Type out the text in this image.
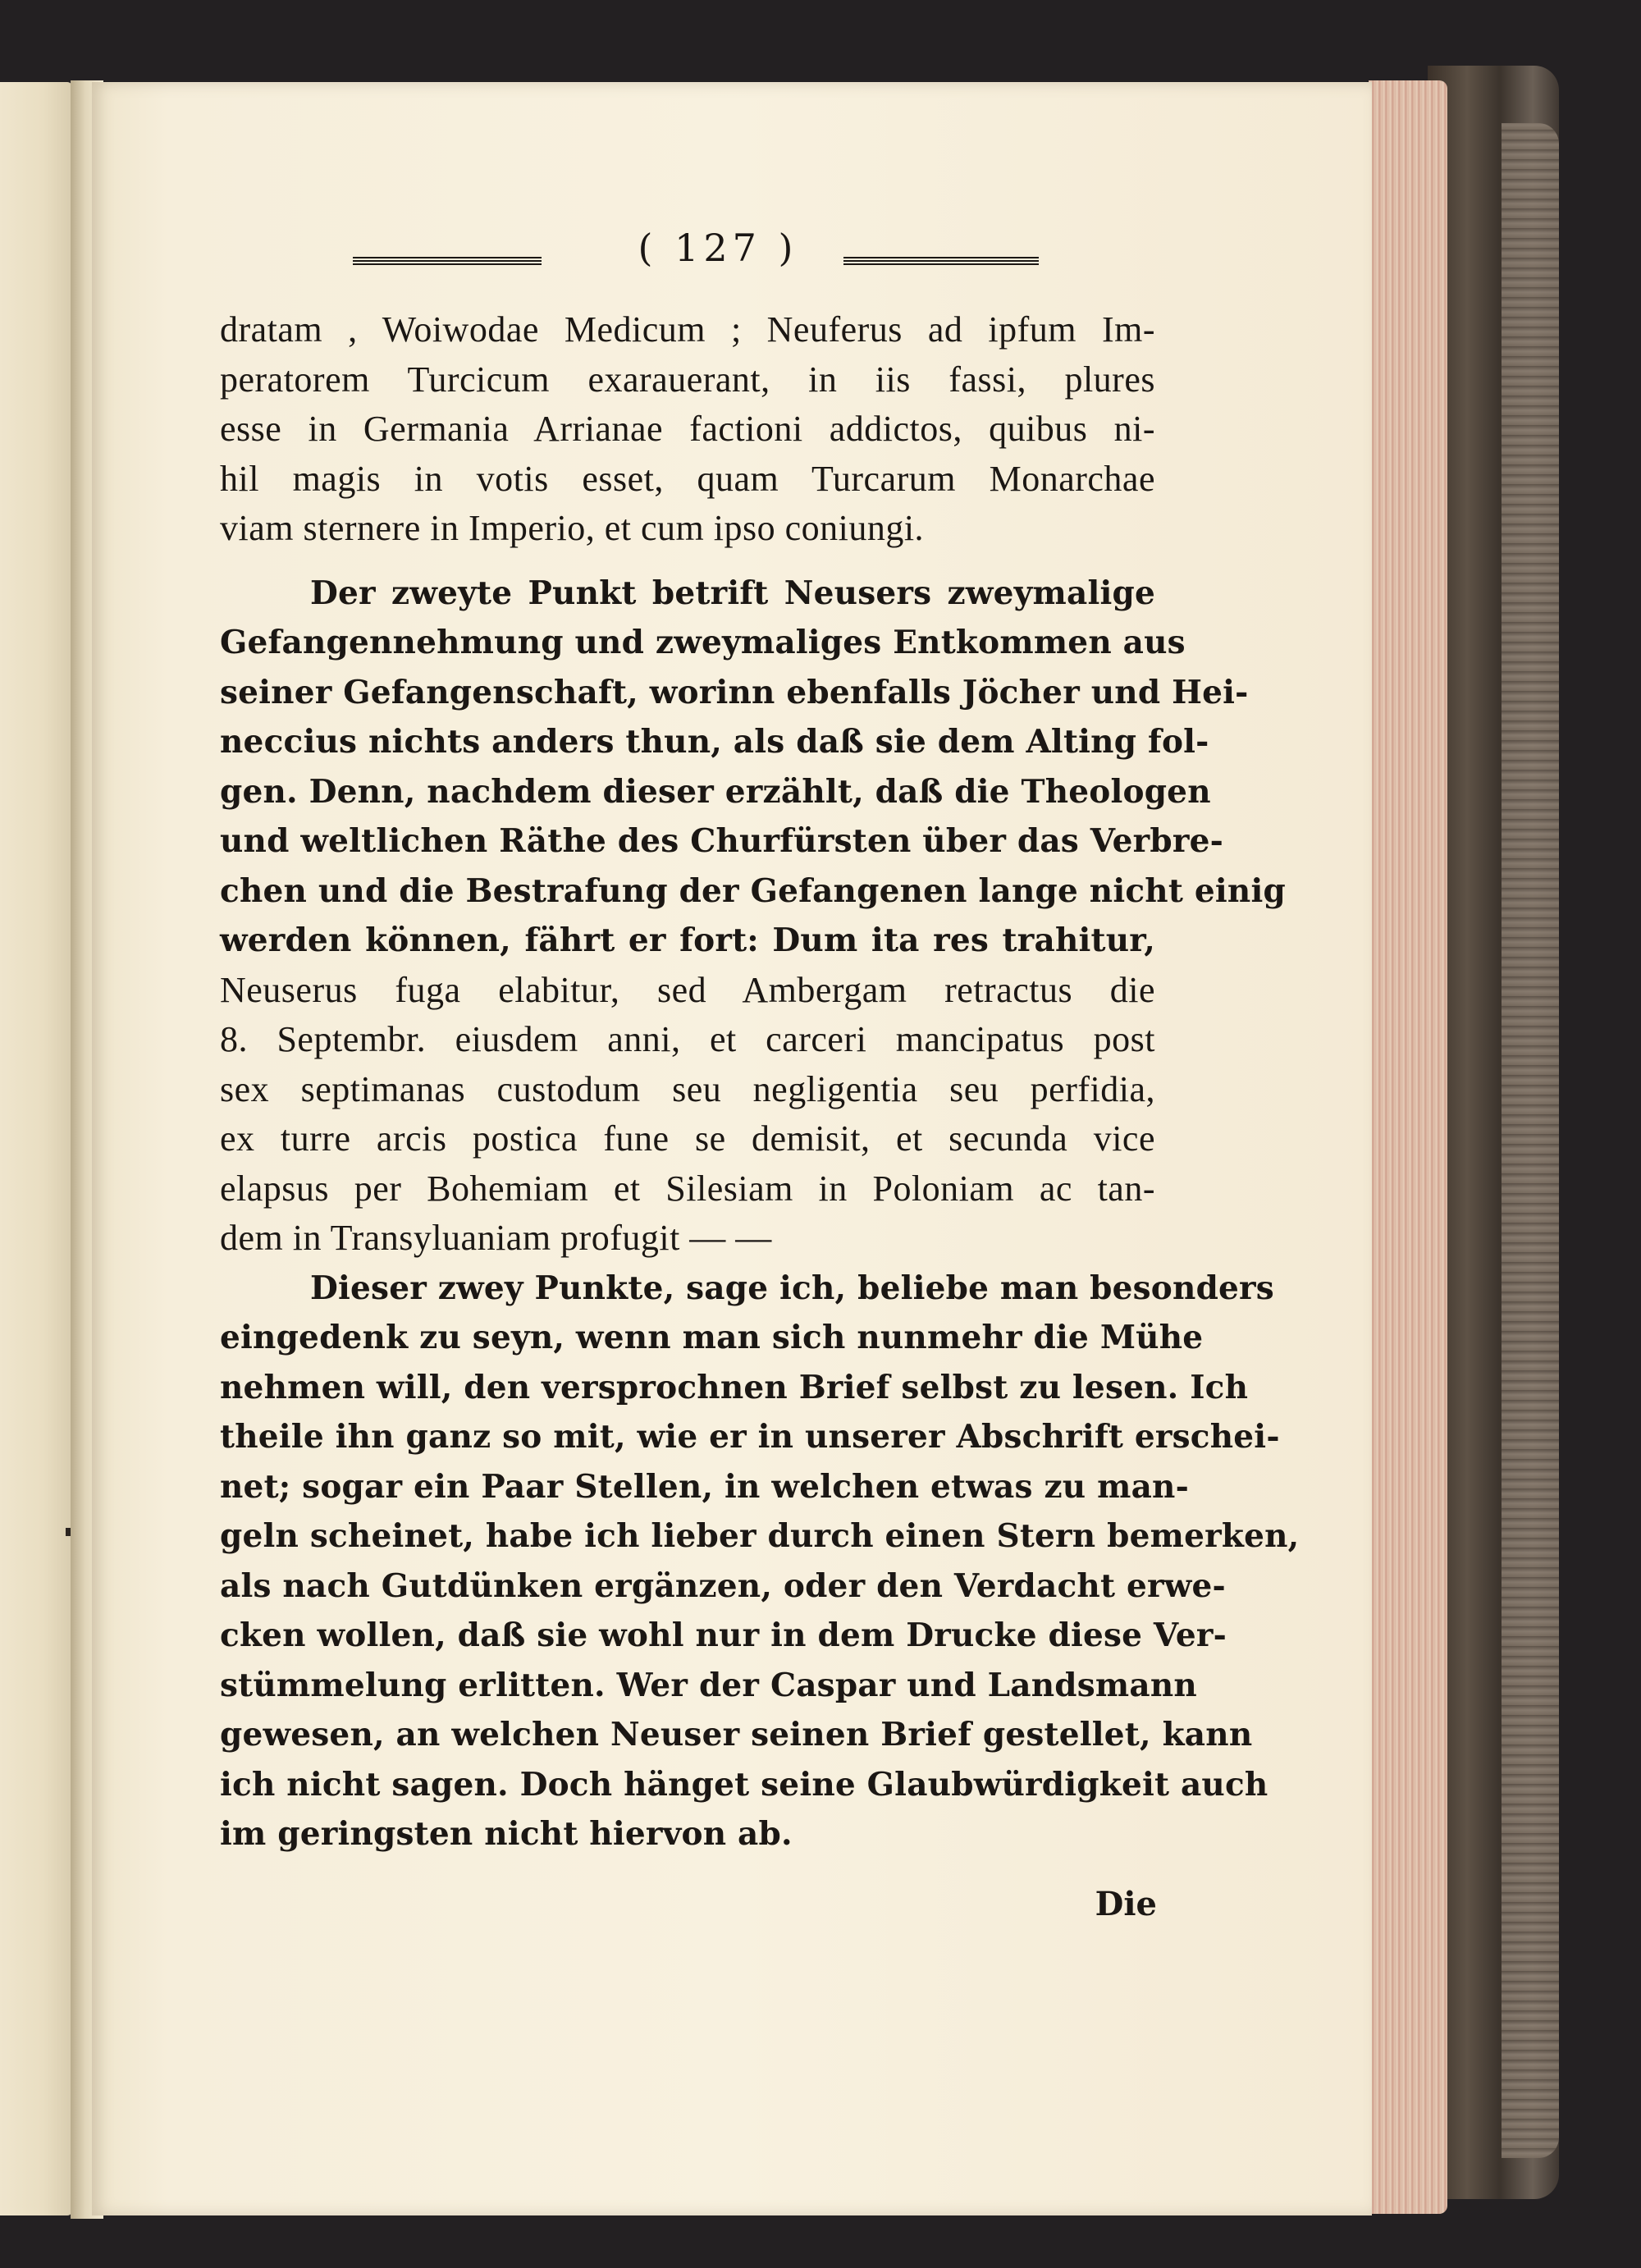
( 127 )
dratam , Woiwodae Medicum ; Neuferus ad ipfum Im-
peratorem Turcicum exarauerant, in iis fassi, plures
esse in Germania Arrianae factioni addictos, quibus ni-
hil magis in votis esset, quam Turcarum Monarchae
viam sternere in Imperio, et cum ipso coniungi.
Der zweyte Punkt betrift Neusers zweymalige
Gefangennehmung und zweymaliges Entkommen aus
seiner Gefangenschaft, worinn ebenfalls Jöcher und Hei-
neccius nichts anders thun, als daß sie dem Alting fol-
gen. Denn, nachdem dieser erzählt, daß die Theologen
und weltlichen Räthe des Churfürsten über das Verbre-
chen und die Bestrafung der Gefangenen lange nicht einig
werden können, fährt er fort: Dum ita res trahitur,
Neuserus fuga elabitur, sed Ambergam retractus die
8. Septembr. eiusdem anni, et carceri mancipatus post
sex septimanas custodum seu negligentia seu perfidia,
ex turre arcis postica fune se demisit, et secunda vice
elapsus per Bohemiam et Silesiam in Poloniam ac tan-
dem in Transyluaniam profugit — —
Dieser zwey Punkte, sage ich, beliebe man besonders
eingedenk zu seyn, wenn man sich nunmehr die Mühe
nehmen will, den versprochnen Brief selbst zu lesen. Ich
theile ihn ganz so mit, wie er in unserer Abschrift erschei-
net; sogar ein Paar Stellen, in welchen etwas zu man-
geln scheinet, habe ich lieber durch einen Stern bemerken,
als nach Gutdünken ergänzen, oder den Verdacht erwe-
cken wollen, daß sie wohl nur in dem Drucke diese Ver-
stümmelung erlitten. Wer der Caspar und Landsmann
gewesen, an welchen Neuser seinen Brief gestellet, kann
ich nicht sagen. Doch hänget seine Glaubwürdigkeit auch
im geringsten nicht hiervon ab.
Die
